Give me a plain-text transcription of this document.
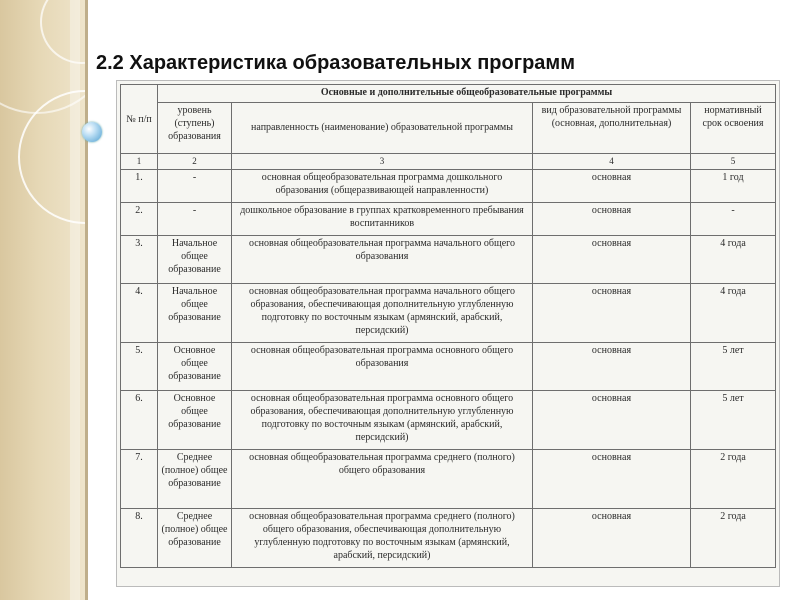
2.2 Характеристика образовательных программ
№ п/п	Основные и дополнительные общеобразовательные программы			
	уровень (ступень) образования	направленность (наименование) образовательной программы	вид образовательной программы (основная, дополнительная)	нормативный срок освоения
1	2	3	4	5
1.	-	основная общеобразовательная программа дошкольного образования (общеразвивающей направленности)	основная	1 год
2.	-	дошкольное образование в группах кратковременного пребывания воспитанников	основная	-
3.	Начальное общее образование	основная общеобразовательная программа начального общего образования	основная	4 года
4.	Начальное общее образование	основная общеобразовательная программа начального общего образования, обеспечивающая дополнительную углубленную подготовку по восточным языкам (армянский, арабский, персидский)	основная	4 года
5.	Основное общее образование	основная общеобразовательная программа основного общего образования	основная	5 лет
6.	Основное общее образование	основная общеобразовательная программа основного общего образования, обеспечивающая дополнительную углубленную подготовку по восточным языкам (армянский, арабский, персидский)	основная	5 лет
7.	Среднее (полное) общее образование	основная общеобразовательная программа среднего (полного) общего образования	основная	2 года
8.	Среднее (полное) общее образование	основная общеобразовательная программа среднего (полного) общего образования, обеспечивающая дополнительную углубленную подготовку по восточным языкам (армянский, арабский, персидский)	основная	2 года
